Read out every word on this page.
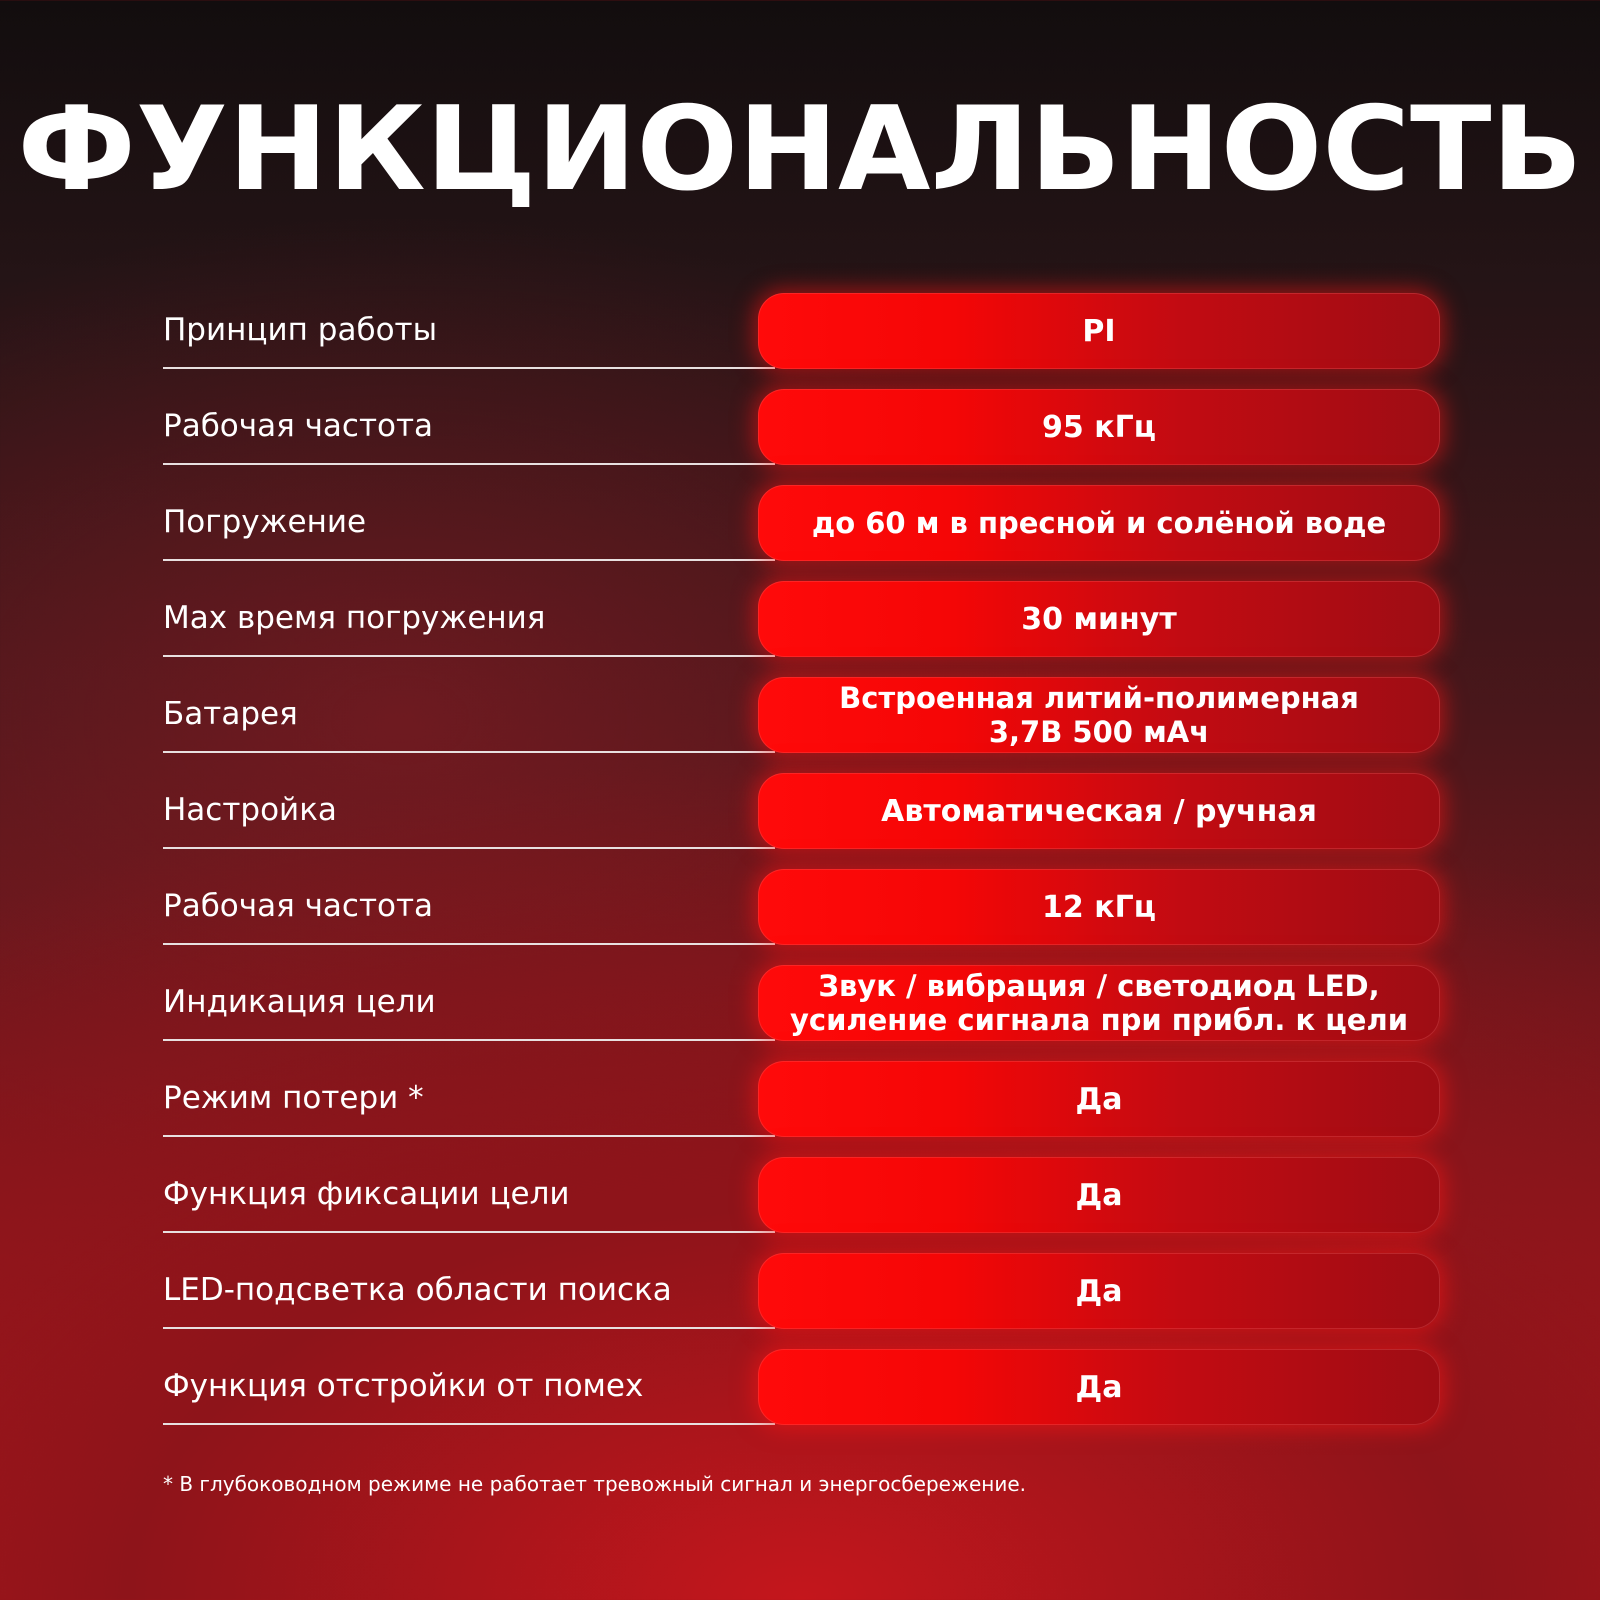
ФУНКЦИОНАЛЬНОСТЬ
Принцип работы	PI
Рабочая частота	95 кГц
Погружение	до 60 м в пресной и солёной воде
Max время погружения	30 минут
Батарея	Встроенная литий-полимерная
3,7В 500 мАч
Настройка	Автоматическая / ручная
Рабочая частота	12 кГц
Индикация цели	Звук / вибрация / светодиод LED,
усиление сигнала при прибл. к цели
Режим потери *	Да
Функция фиксации цели	Да
LED-подсветка области поиска	Да
Функция отстройки от помех	Да
* В глубоководном режиме не работает тревожный сигнал и энергосбережение.
